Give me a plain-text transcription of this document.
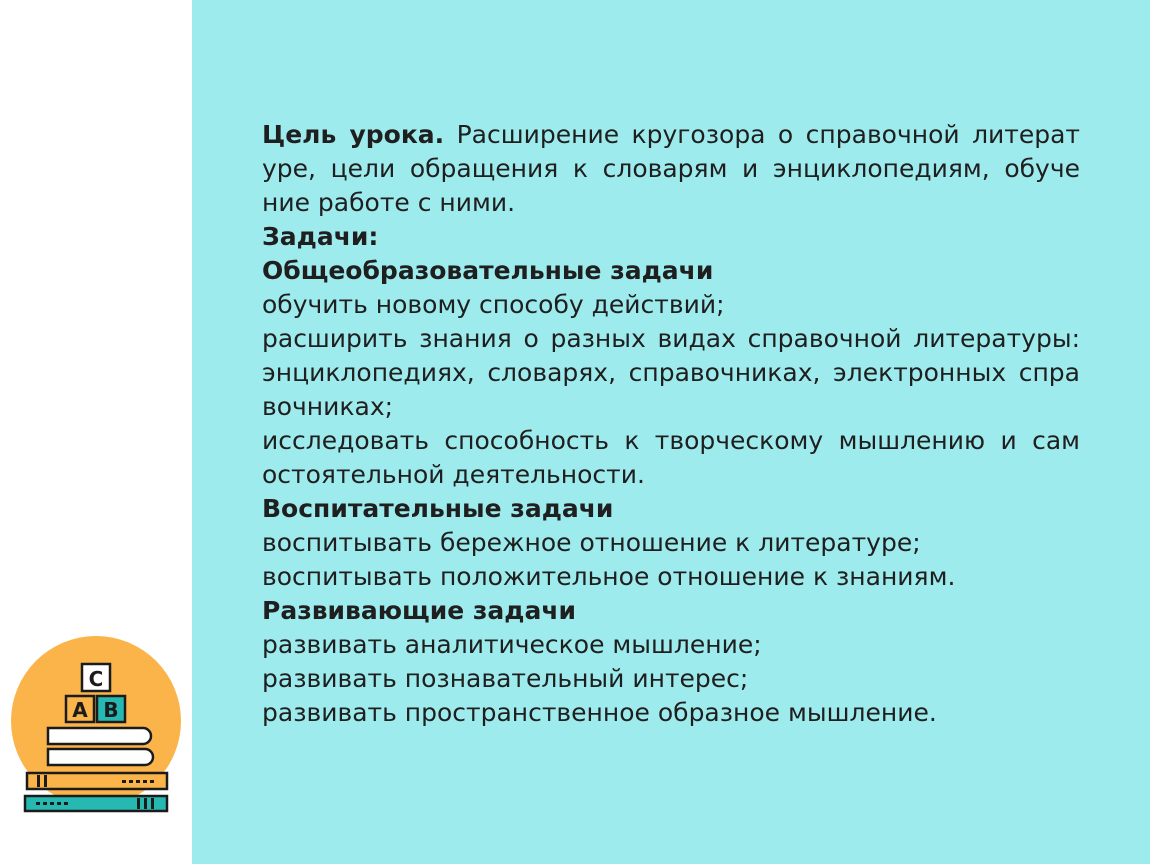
Цель урока. Расширение кругозора о справочной литерат
уре, цели обращения к словарям и энциклопедиям, обуче
ние работе с ними.
Задачи:
Общеобразовательные задачи
обучить новому способу действий;
расширить знания о разных видах справочной литературы:
энциклопедиях, словарях, справочниках, электронных спра
вочниках;
исследовать способность к творческому мышлению и сам
остоятельной деятельности.
Воспитательные задачи
воспитывать бережное отношение к литературе;
воспитывать положительное отношение к знаниям.
Развивающие задачи
развивать аналитическое мышление;
развивать познавательный интерес;
развивать пространственное образное мышление.
C
A B
